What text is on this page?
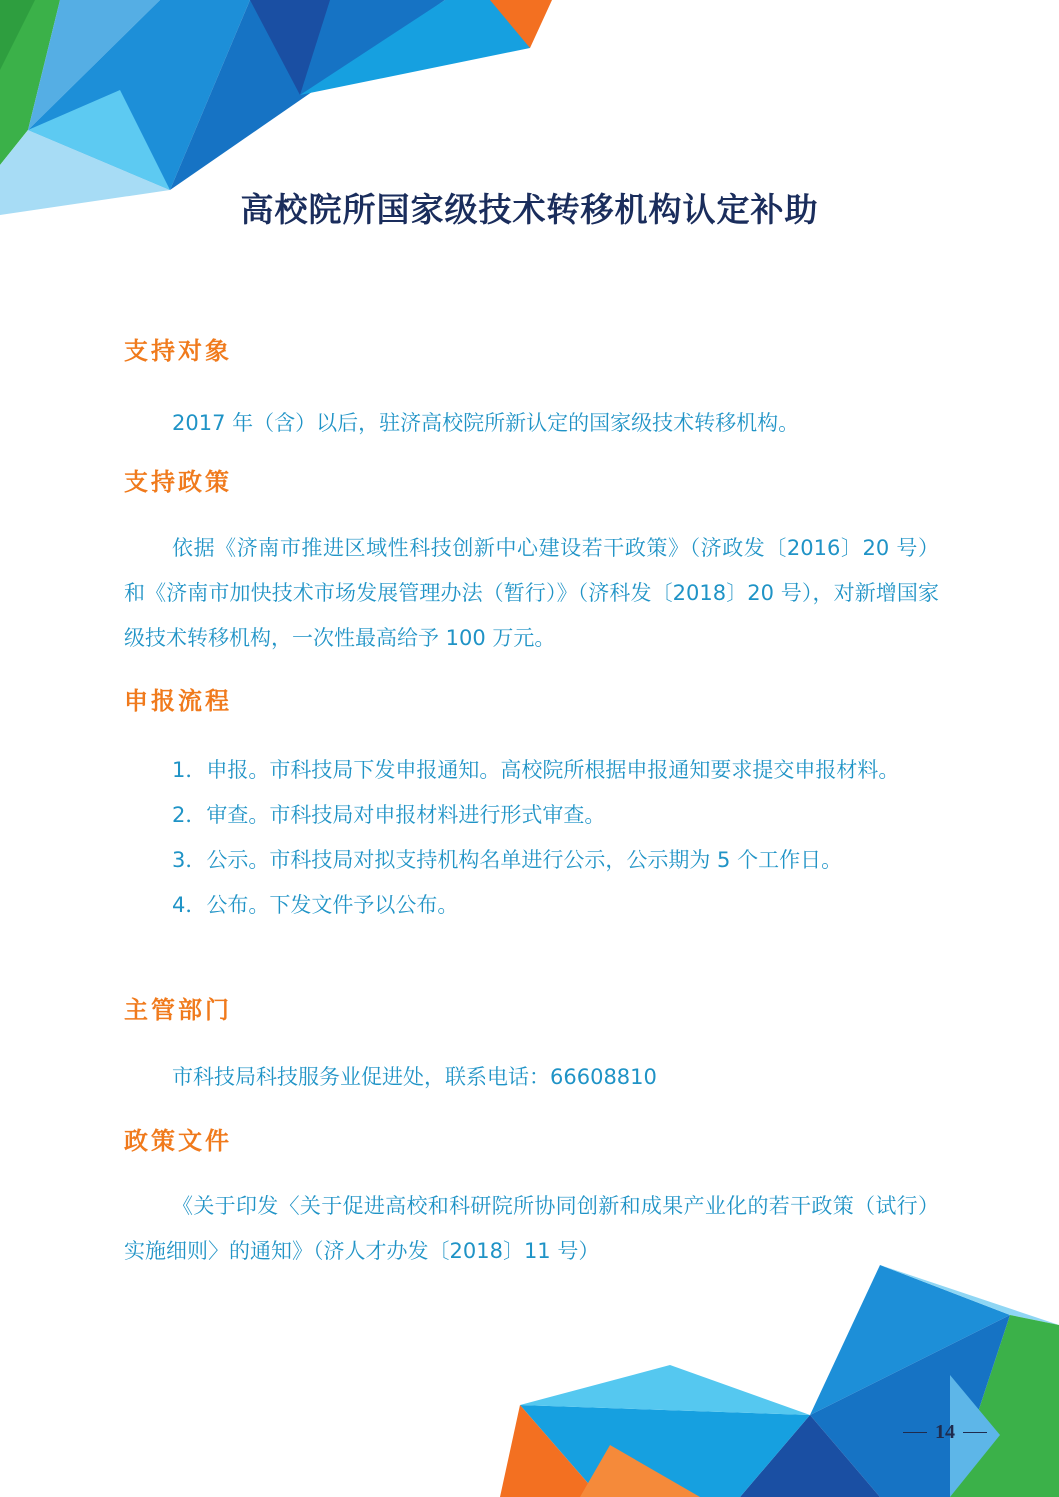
高校院所国家级技术转移机构认定补助
支持对象

2017 年（含）以后，驻济高校院所新认定的国家级技术转移机构。

支持政策

依据《济南市推进区域性科技创新中心建设若干政策》（济政发〔2016〕20 号）和《济南市加快技术市场发展管理办法（暂行）》（济科发〔2018〕20 号），对新增国家级技术转移机构，一次性最高给予 100 万元。

申报流程

1．申报。市科技局下发申报通知。高校院所根据申报通知要求提交申报材料。

2．审查。市科技局对申报材料进行形式审查。

3．公示。市科技局对拟支持机构名单进行公示，公示期为 5 个工作日。

4．公布。下发文件予以公布。

主管部门

市科技局科技服务业促进处，联系电话：66608810

政策文件

《关于印发〈关于促进高校和科研院所协同创新和成果产业化的若干政策（试行）实施细则〉的通知》（济人才办发〔2018〕11 号）

14
